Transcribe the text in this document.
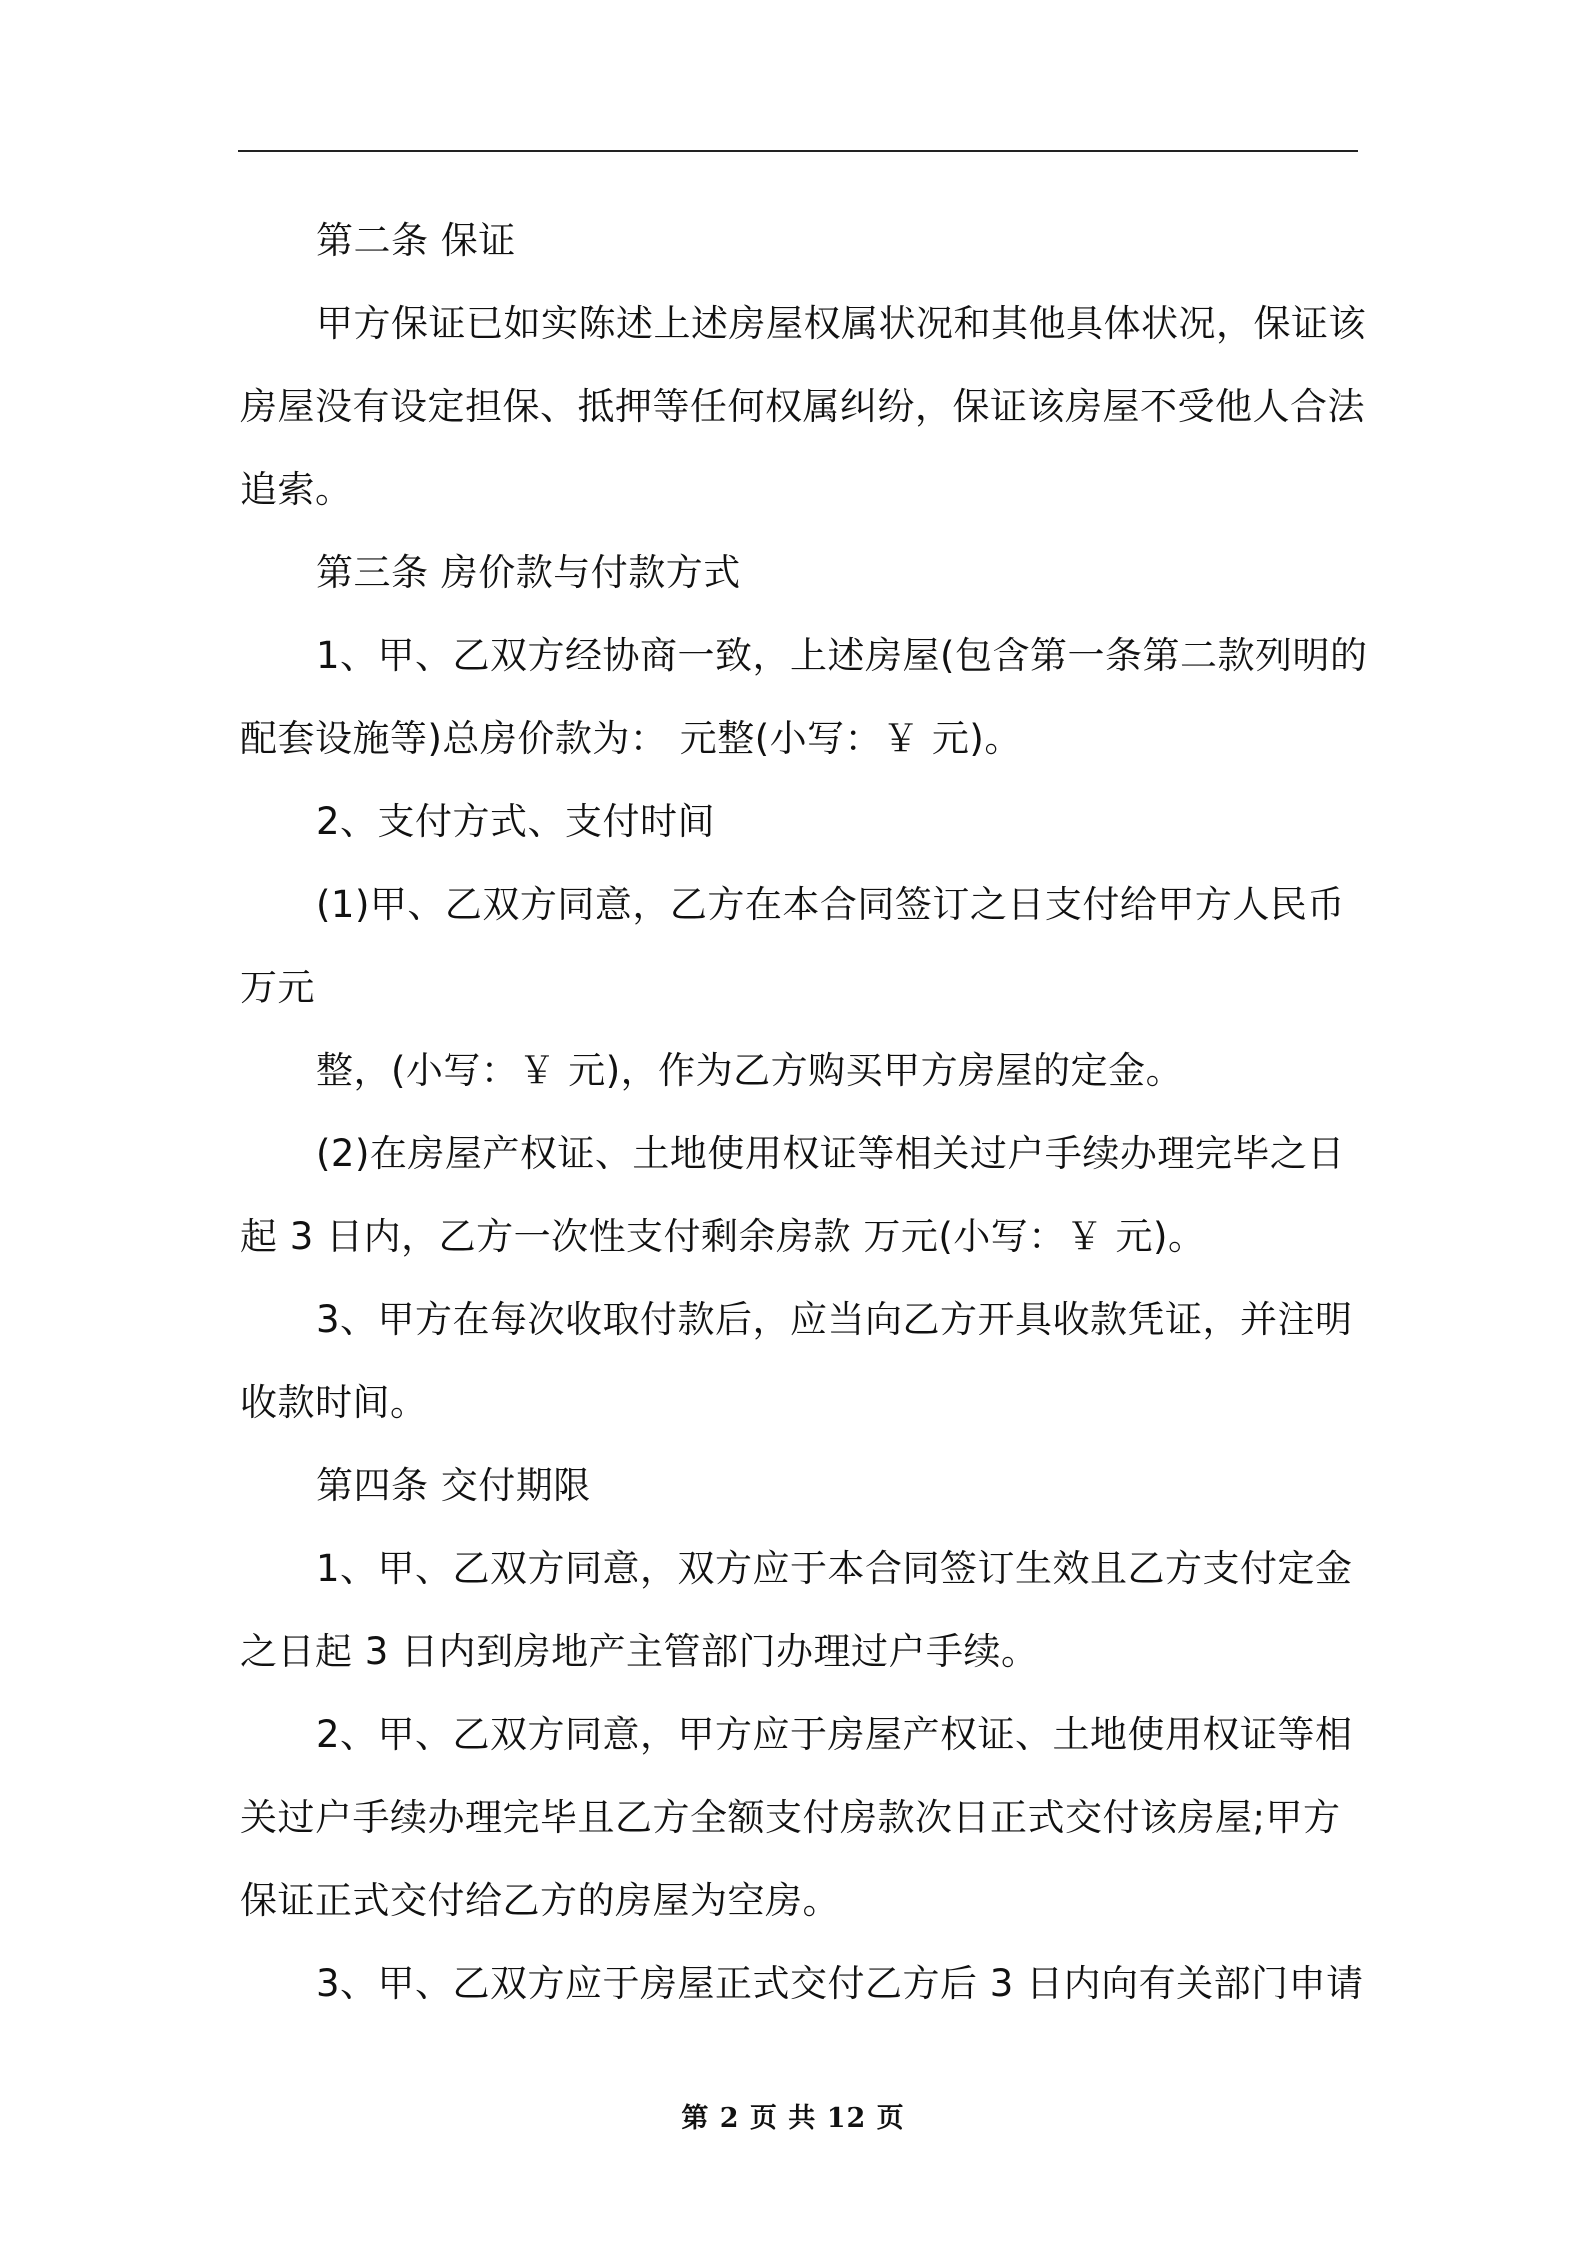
第二条 保证
甲方保证已如实陈述上述房屋权属状况和其他具体状况，保证该
房屋没有设定担保、抵押等任何权属纠纷，保证该房屋不受他人合法
追索。
第三条 房价款与付款方式
1、甲、乙双方经协商一致，上述房屋(包含第一条第二款列明的
配套设施等)总房价款为： 元整(小写：￥ 元)。
2、支付方式、支付时间
(1)甲、乙双方同意，乙方在本合同签订之日支付给甲方人民币
万元
整，(小写：￥ 元)，作为乙方购买甲方房屋的定金。
(2)在房屋产权证、土地使用权证等相关过户手续办理完毕之日
起 3 日内，乙方一次性支付剩余房款 万元(小写：￥ 元)。
3、甲方在每次收取付款后，应当向乙方开具收款凭证，并注明
收款时间。
第四条 交付期限
1、甲、乙双方同意，双方应于本合同签订生效且乙方支付定金
之日起 3 日内到房地产主管部门办理过户手续。
2、甲、乙双方同意，甲方应于房屋产权证、土地使用权证等相
关过户手续办理完毕且乙方全额支付房款次日正式交付该房屋;甲方
保证正式交付给乙方的房屋为空房。
3、甲、乙双方应于房屋正式交付乙方后 3 日内向有关部门申请
第 2 页 共 12 页
